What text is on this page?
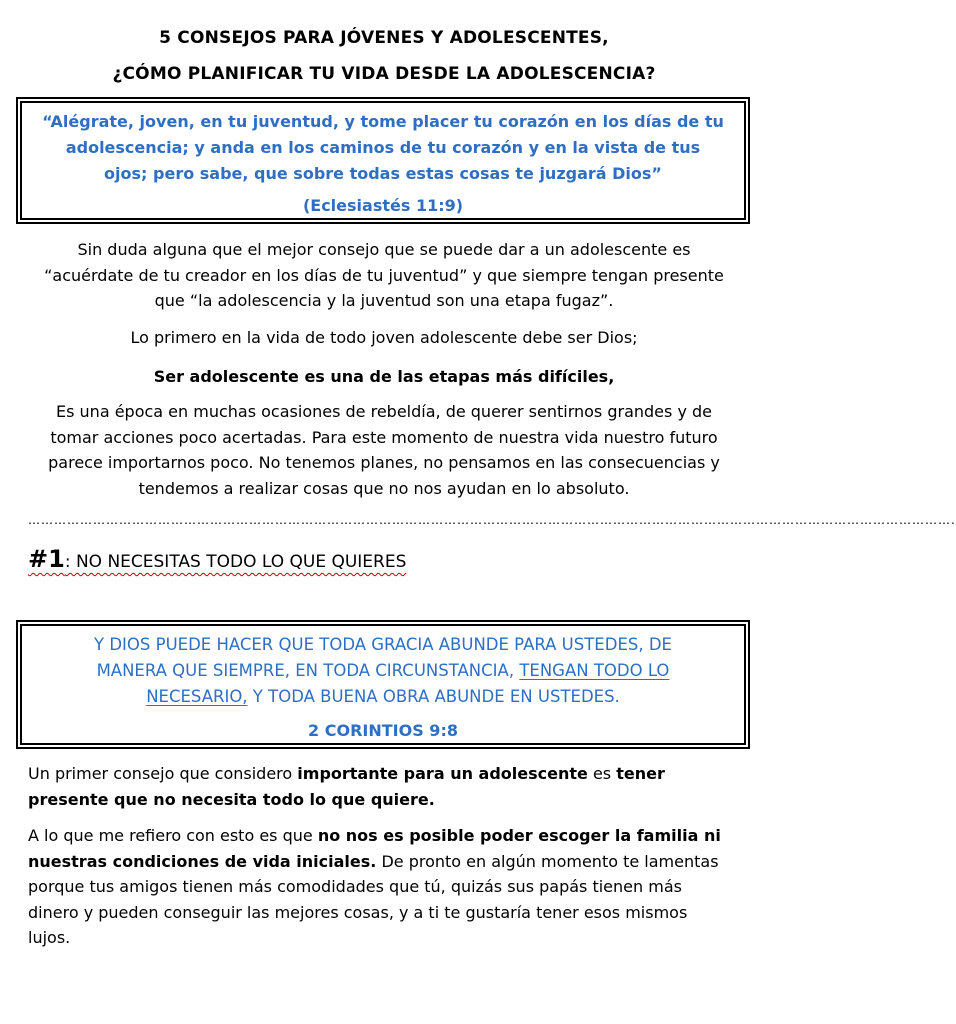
5 CONSEJOS PARA JÓVENES Y ADOLESCENTES,
¿CÓMO PLANIFICAR TU VIDA DESDE LA ADOLESCENCIA?
“Alégrate, joven, en tu juventud, y tome placer tu corazón en los días de tu
adolescencia; y anda en los caminos de tu corazón y en la vista de tus
ojos; pero sabe, que sobre todas estas cosas te juzgará Dios”
(Eclesiastés 11:9)
Sin duda alguna que el mejor consejo que se puede dar a un adolescente es
“acuérdate de tu creador en los días de tu juventud” y que siempre tengan presente
que “la adolescencia y la juventud son una etapa fugaz”.
Lo primero en la vida de todo joven adolescente debe ser Dios;
Ser adolescente es una de las etapas más difíciles,
Es una época en muchas ocasiones de rebeldía, de querer sentirnos grandes y de
tomar acciones poco acertadas. Para este momento de nuestra vida nuestro futuro
parece importarnos poco. No tenemos planes, no pensamos en las consecuencias y
tendemos a realizar cosas que no nos ayudan en lo absoluto.
…………………………………………………………………………………………………………………………………………………………………………………………….
#1: NO NECESITAS TODO LO QUE QUIERES
Y DIOS PUEDE HACER QUE TODA GRACIA ABUNDE PARA USTEDES, DE
MANERA QUE SIEMPRE, EN TODA CIRCUNSTANCIA, TENGAN TODO LO
NECESARIO, Y TODA BUENA OBRA ABUNDE EN USTEDES.
2 CORINTIOS 9:8
Un primer consejo que considero importante para un adolescente es tener
presente que no necesita todo lo que quiere.
A lo que me refiero con esto es que no nos es posible poder escoger la familia ni
nuestras condiciones de vida iniciales. De pronto en algún momento te lamentas
porque tus amigos tienen más comodidades que tú, quizás sus papás tienen más
dinero y pueden conseguir las mejores cosas, y a ti te gustaría tener esos mismos
lujos.
